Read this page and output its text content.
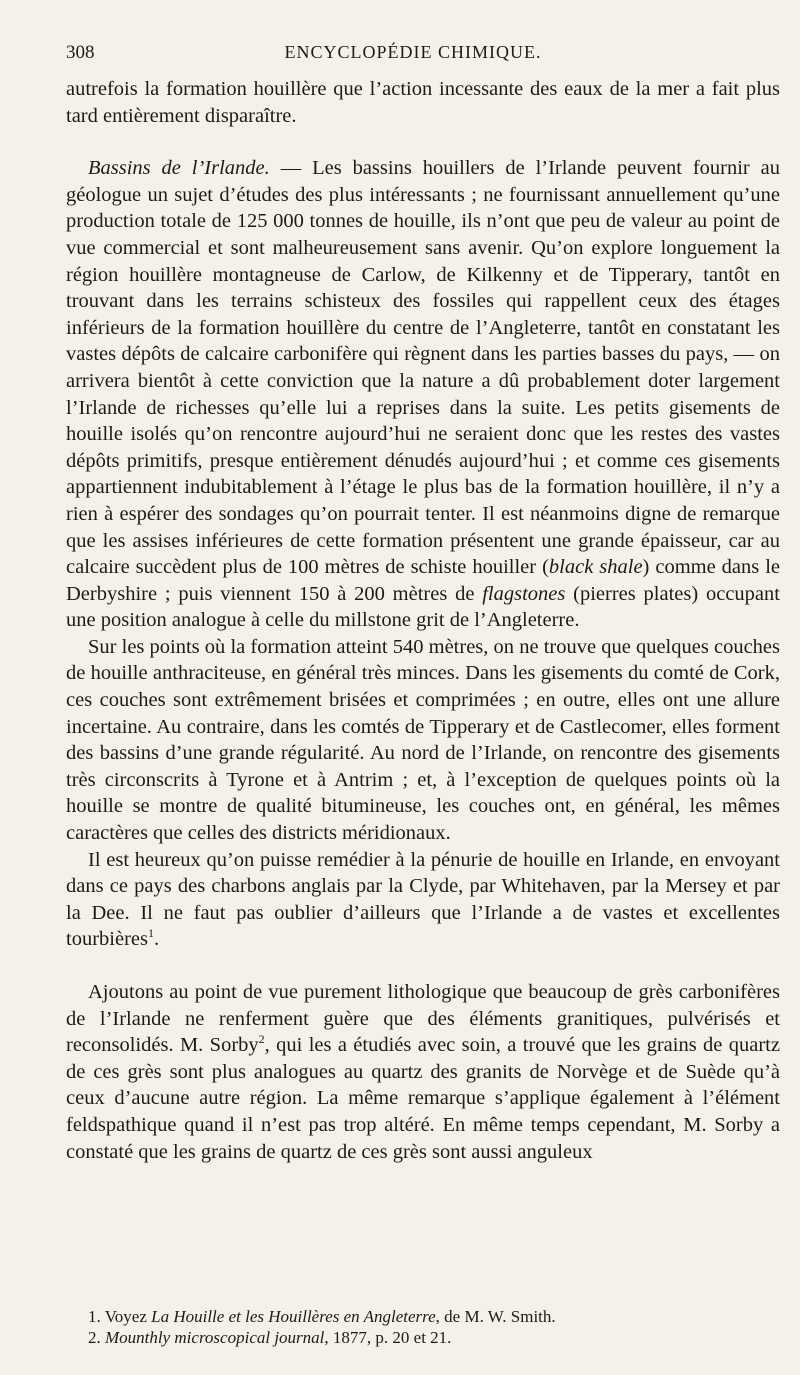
308	ENCYCLOPÉDIE CHIMIQUE.

autrefois la formation houillère que l’action incessante des eaux de la mer a fait plus tard entièrement disparaître.

Bassins de l’Irlande. — Les bassins houillers de l’Irlande peuvent fournir au géologue un sujet d’études des plus intéressants ; ne fournissant annuellement qu’une production totale de 125 000 tonnes de houille, ils n’ont que peu de valeur au point de vue commercial et sont malheureusement sans avenir. Qu’on explore longuement la région houillère montagneuse de Carlow, de Kilkenny et de Tipperary, tantôt en trouvant dans les terrains schisteux des fossiles qui rappellent ceux des étages inférieurs de la formation houillère du centre de l’Angleterre, tantôt en constatant les vastes dépôts de calcaire carbonifère qui règnent dans les parties basses du pays, — on arrivera bientôt à cette conviction que la nature a dû probablement doter largement l’Irlande de richesses qu’elle lui a reprises dans la suite. Les petits gisements de houille isolés qu’on rencontre aujourd’hui ne seraient donc que les restes des vastes dépôts primitifs, presque entièrement dénudés aujourd’hui ; et comme ces gisements appartiennent indubitablement à l’étage le plus bas de la formation houillère, il n’y a rien à espérer des sondages qu’on pourrait tenter. Il est néanmoins digne de remarque que les assises inférieures de cette formation présentent une grande épaisseur, car au calcaire succèdent plus de 100 mètres de schiste houiller (black shale) comme dans le Derbyshire ; puis viennent 150 à 200 mètres de flagstones (pierres plates) occupant une position analogue à celle du millstone grit de l’Angleterre.

Sur les points où la formation atteint 540 mètres, on ne trouve que quelques couches de houille anthraciteuse, en général très minces. Dans les gisements du comté de Cork, ces couches sont extrêmement brisées et comprimées ; en outre, elles ont une allure incertaine. Au contraire, dans les comtés de Tipperary et de Castlecomer, elles forment des bassins d’une grande régularité. Au nord de l’Irlande, on rencontre des gisements très circonscrits à Tyrone et à Antrim ; et, à l’exception de quelques points où la houille se montre de qualité bitumineuse, les couches ont, en général, les mêmes caractères que celles des districts méridionaux.

Il est heureux qu’on puisse remédier à la pénurie de houille en Irlande, en envoyant dans ce pays des charbons anglais par la Clyde, par Whitehaven, par la Mersey et par la Dee. Il ne faut pas oublier d’ailleurs que l’Irlande a de vastes et excellentes tourbières$^1$.

Ajoutons au point de vue purement lithologique que beaucoup de grès carbonifères de l’Irlande ne renferment guère que des éléments granitiques, pulvérisés et reconsolidés. M. Sorby$^2$, qui les a étudiés avec soin, a trouvé que les grains de quartz de ces grès sont plus analogues au quartz des granits de Norvège et de Suède qu’à ceux d’aucune autre région. La même remarque s’applique également à l’élément feldspathique quand il n’est pas trop altéré. En même temps cependant, M. Sorby a constaté que les grains de quartz de ces grès sont aussi anguleux

1. Voyez La Houille et les Houillères en Angleterre, de M. W. Smith.
2. Mounthly microscopical journal, 1877, p. 20 et 21.
